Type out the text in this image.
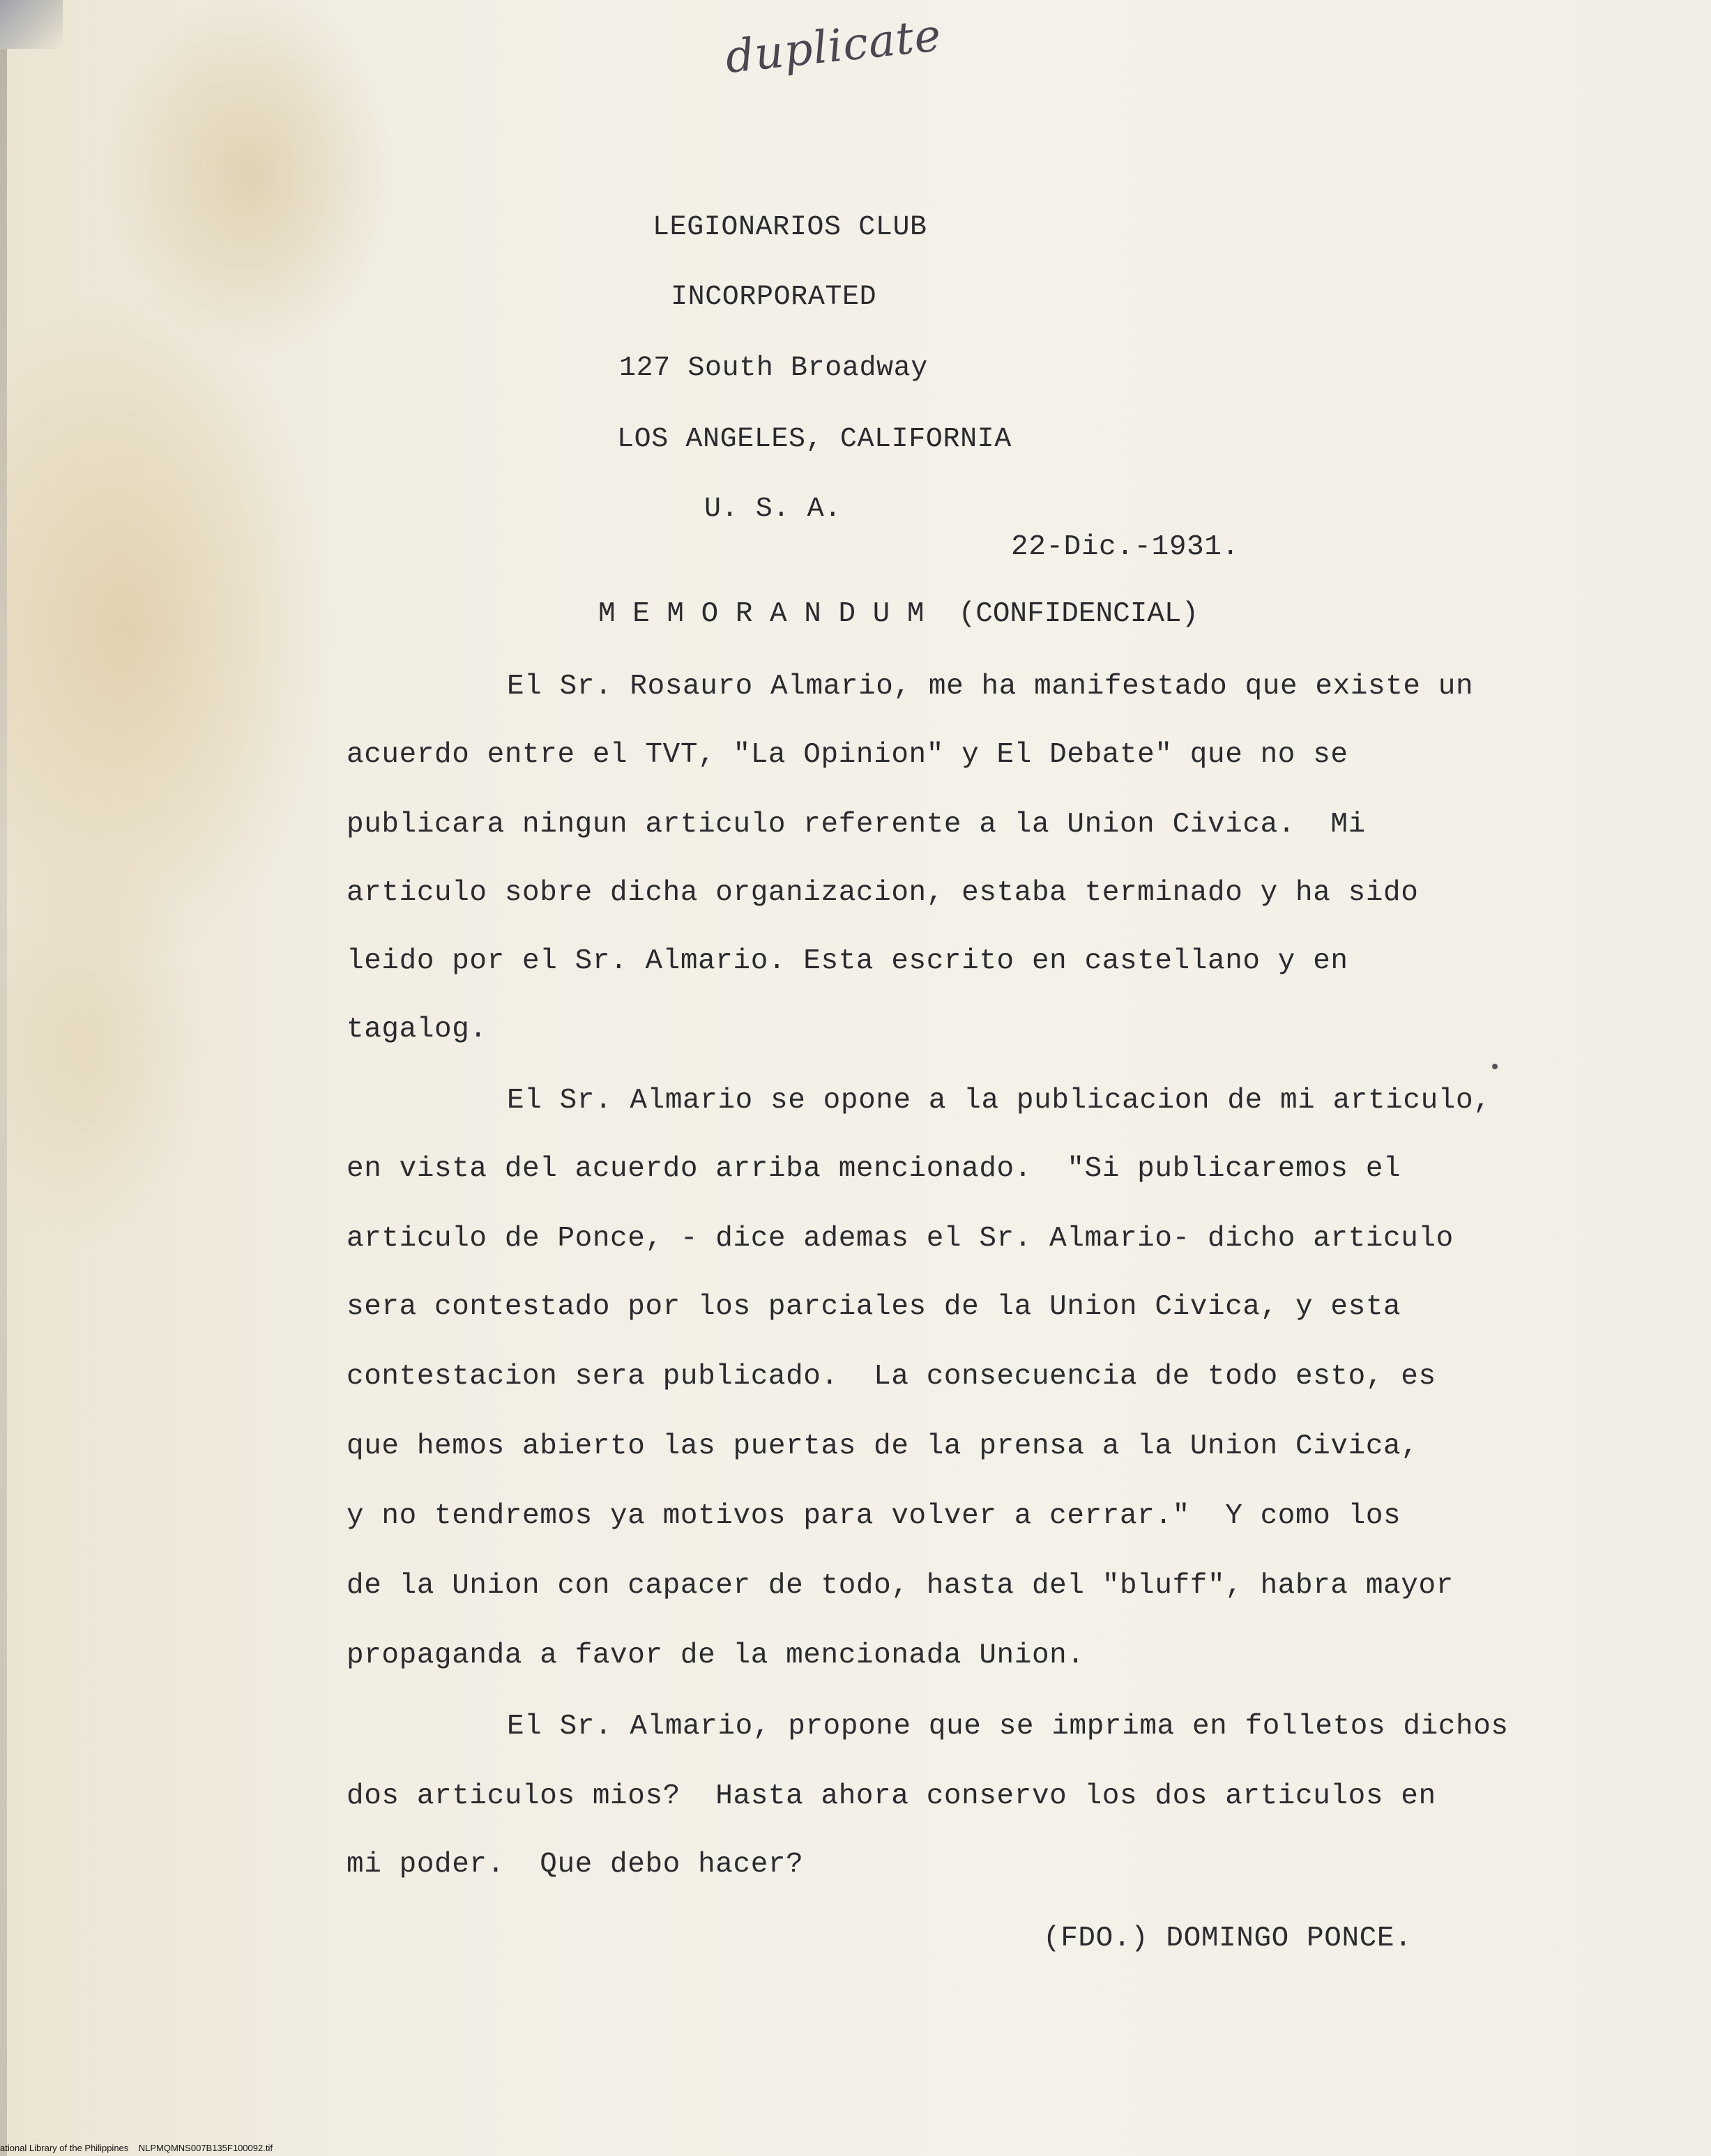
duplicate
LEGIONARIOS CLUB
INCORPORATED
127 South Broadway
LOS ANGELES, CALIFORNIA
U. S. A.
22-Dic.-1931.
M E M O R A N D U M  (CONFIDENCIAL)
El Sr. Rosauro Almario, me ha manifestado que existe un
acuerdo entre el TVT, "La Opinion" y El Debate" que no se
publicara ningun articulo referente a la Union Civica.  Mi
articulo sobre dicha organizacion, estaba terminado y ha sido
leido por el Sr. Almario. Esta escrito en castellano y en
tagalog.
El Sr. Almario se opone a la publicacion de mi articulo,
en vista del acuerdo arriba mencionado.  "Si publicaremos el
articulo de Ponce, - dice ademas el Sr. Almario- dicho articulo
sera contestado por los parciales de la Union Civica, y esta
contestacion sera publicado.  La consecuencia de todo esto, es
que hemos abierto las puertas de la prensa a la Union Civica,
y no tendremos ya motivos para volver a cerrar."  Y como los
de la Union con capacer de todo, hasta del "bluff", habra mayor
propaganda a favor de la mencionada Union.
El Sr. Almario, propone que se imprima en folletos dichos
dos articulos mios?  Hasta ahora conservo los dos articulos en
mi poder.  Que debo hacer?
(FDO.) DOMINGO PONCE.
ational Library of the Philippines    NLPMQMNS007B135F100092.tif
